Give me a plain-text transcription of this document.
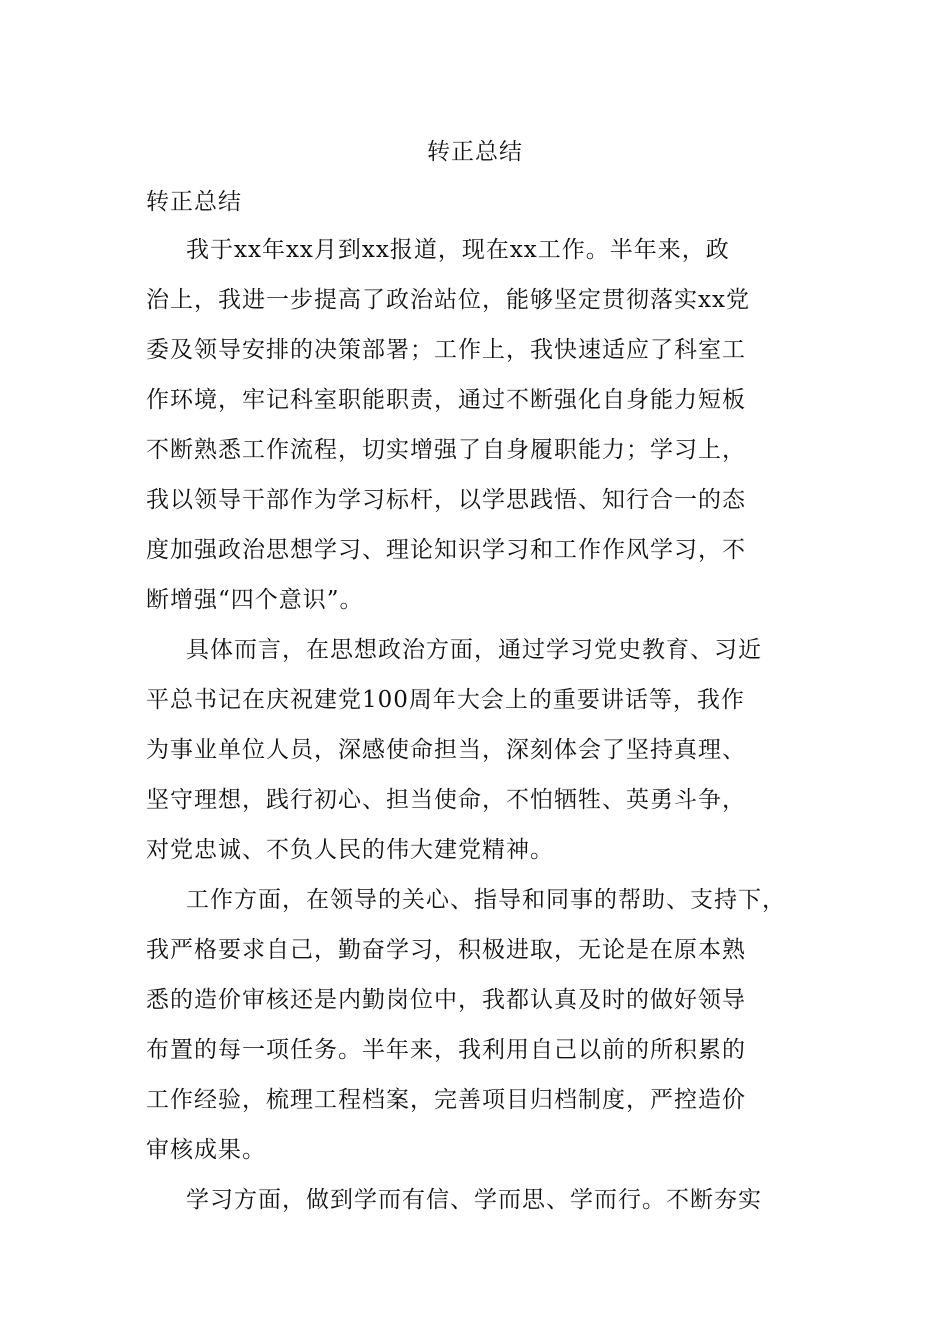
转正总结
转正总结
我于xx年xx月到xx报道，现在xx工作。半年来，政
治上，我进一步提高了政治站位，能够坚定贯彻落实xx党
委及领导安排的决策部署；工作上，我快速适应了科室工
作环境，牢记科室职能职责，通过不断强化自身能力短板
不断熟悉工作流程，切实增强了自身履职能力；学习上，
我以领导干部作为学习标杆，以学思践悟、知行合一的态
度加强政治思想学习、理论知识学习和工作作风学习，不
断增强“四个意识”。
具体而言，在思想政治方面，通过学习党史教育、习近
平总书记在庆祝建党100周年大会上的重要讲话等，我作
为事业单位人员，深感使命担当，深刻体会了坚持真理、
坚守理想，践行初心、担当使命，不怕牺牲、英勇斗争，
对党忠诚、不负人民的伟大建党精神。
工作方面，在领导的关心、指导和同事的帮助、支持下，
我严格要求自己，勤奋学习，积极进取，无论是在原本熟
悉的造价审核还是内勤岗位中，我都认真及时的做好领导
布置的每一项任务。半年来，我利用自己以前的所积累的
工作经验，梳理工程档案，完善项目归档制度，严控造价
审核成果。
学习方面，做到学而有信、学而思、学而行。不断夯实
